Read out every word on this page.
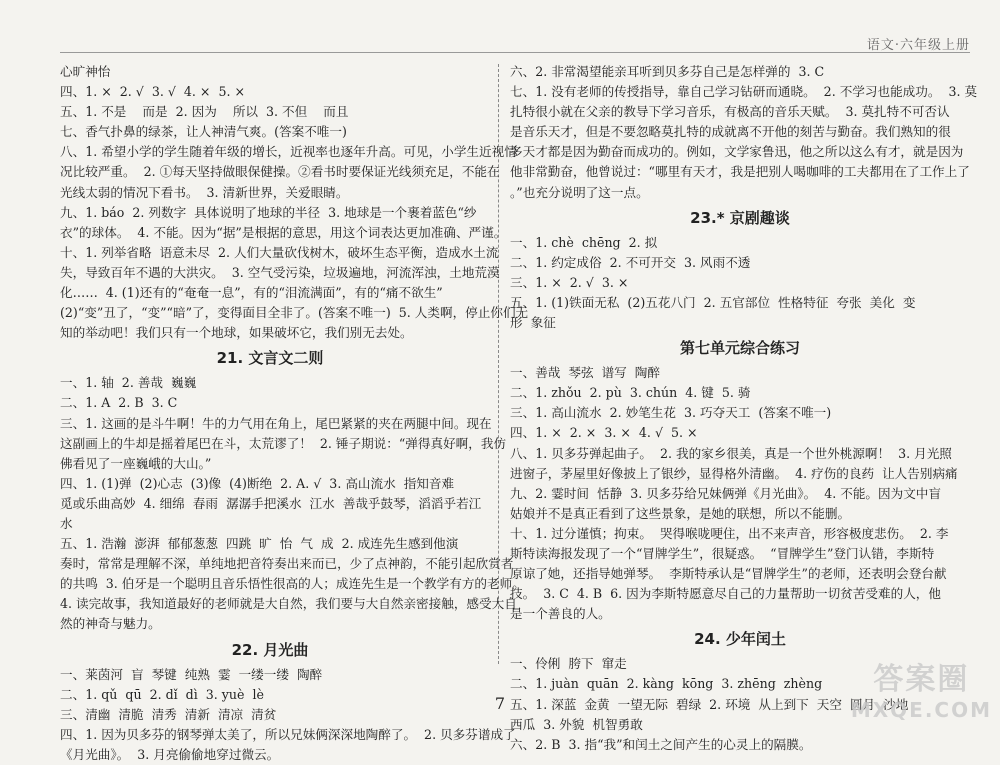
语文·六年级上册
心旷神怡
四、1. ×  2. √  3. √  4. ×  5. ×
五、1. 不是    而是  2. 因为    所以  3. 不但    而且
七、香气扑鼻的绿茶，让人神清气爽。(答案不唯一)
八、1. 希望小学的学生随着年级的增长，近视率也逐年升高。可见，小学生近视情
况比较严重。  2. ①每天坚持做眼保健操。②看书时要保证光线须充足，不能在
光线太弱的情况下看书。  3. 清新世界，关爱眼睛。
九、1. báo  2. 列数字  具体说明了地球的半径  3. 地球是一个裹着蓝色“纱
衣”的球体。  4. 不能。因为“据”是根据的意思，用这个词表达更加准确、严谨。
十、1. 列举省略  语意未尽  2. 人们大量砍伐树木，破坏生态平衡，造成水土流
失，导致百年不遇的大洪灾。  3. 空气受污染，垃圾遍地，河流浑浊，土地荒漠
化……  4. (1)还有的“奄奄一息”，有的“泪流满面”，有的“痛不欲生”
(2)“变”丑了，“变”“暗”了，变得面目全非了。(答案不唯一)  5. 人类啊，停止你们无
知的举动吧！我们只有一个地球，如果破坏它，我们别无去处。
21. 文言文二则
一、1. 轴  2. 善哉  巍巍
二、1. A  2. B  3. C
三、1. 这画的是斗牛啊！牛的力气用在角上，尾巴紧紧的夹在两腿中间。现在
这副画上的牛却是摇着尾巴在斗，太荒谬了！  2. 锤子期说：“弹得真好啊，我仿
佛看见了一座巍峨的大山。”
四、1. (1)弹  (2)心志  (3)像  (4)断绝  2. A. √  3. 高山流水  指知音难
觅或乐曲高妙  4. 细绵  春雨  潺潺手把溪水  江水  善哉乎鼓琴，滔滔乎若江
水
五、1. 浩瀚  澎湃  郁郁葱葱  四跳  旷  怡  气  成  2. 成连先生感到他演
奏时，常常是理解不深，单纯地把音符奏出来而已，少了点神韵，不能引起欣赏者
的共鸣  3. 伯牙是一个聪明且音乐悟性很高的人；成连先生是一个教学有方的老师。
4. 读完故事，我知道最好的老师就是大自然，我们要与大自然亲密接触，感受大自
然的神奇与魅力。
22. 月光曲
一、莱茵河  盲  琴键  纯熟  霎  一缕一缕  陶醉
二、1. qǔ  qū  2. dǐ  dì  3. yuè  lè
三、清幽  清脆  清秀  清新  清凉  清贫
四、1. 因为贝多芬的钢琴弹太美了，所以兄妹俩深深地陶醉了。  2. 贝多芬谱成了
《月光曲》。  3. 月亮偷偷地穿过微云。
六、2. 非常渴望能亲耳听到贝多芬自己是怎样弹的  3. C
七、1. 没有老师的传授指导，靠自己学习钻研而通晓。  2. 不学习也能成功。  3. 莫
扎特很小就在父亲的教导下学习音乐，有极高的音乐天赋。  3. 莫扎特不可否认
是音乐天才，但是不要忽略莫扎特的成就离不开他的刻苦与勤奋。我们熟知的很
多天才都是因为勤奋而成功的。例如，文学家鲁迅，他之所以这么有才，就是因为
他非常勤奋，他曾说过：“哪里有天才，我是把别人喝咖啡的工夫都用在了工作上了
。”也充分说明了这一点。
23.* 京剧趣谈
一、1. chè  chēng  2. 拟
二、1. 约定成俗  2. 不可开交  3. 风雨不透
三、1. ×  2. √  3. ×
五、1. (1)铁面无私  (2)五花八门  2. 五官部位  性格特征  夸张  美化  变
形  象征
第七单元综合练习
一、善哉  琴弦  谱写  陶醉
二、1. zhǒu  2. pù  3. chún  4. 键  5. 骑
三、1. 高山流水  2. 妙笔生花  3. 巧夺天工  (答案不唯一)
四、1. ×  2. ×  3. ×  4. √  5. ×
八、1. 贝多芬弹起曲子。  2. 我的家乡很美，真是一个世外桃源啊！  3. 月光照
进窗子，茅屋里好像披上了银纱，显得格外清幽。  4. 疗伤的良药  让人告别病痛
九、2. 霎时间  恬静  3. 贝多芬给兄妹俩弹《月光曲》。  4. 不能。因为文中盲
姑娘并不是真正看到了这些景象，是她的联想，所以不能删。
十、1. 过分谨慎；拘束。  哭得喉咙哽住，出不来声音，形容极度悲伤。  2. 李
斯特读海报发现了一个“冒牌学生”，很疑惑。  “冒牌学生”登门认错，李斯特
原谅了她，还指导她弹琴。  李斯特承认是“冒牌学生”的老师，还表明会登台献
技。  3. C  4. B  6. 因为李斯特愿意尽自己的力量帮助一切贫苦受难的人，他
是一个善良的人。
24. 少年闰土
一、伶俐  胯下  窜走
二、1. juàn  quān  2. kàng  kōng  3. zhēng  zhèng
五、1. 深蓝  金黄  一望无际  碧绿  2. 环境  从上到下  天空  圆月  沙地
西瓜  3. 外貌  机智勇敢
六、2. B  3. 指“我”和闰土之间产生的心灵上的隔膜。
7
答案圈
MXQE.COM
